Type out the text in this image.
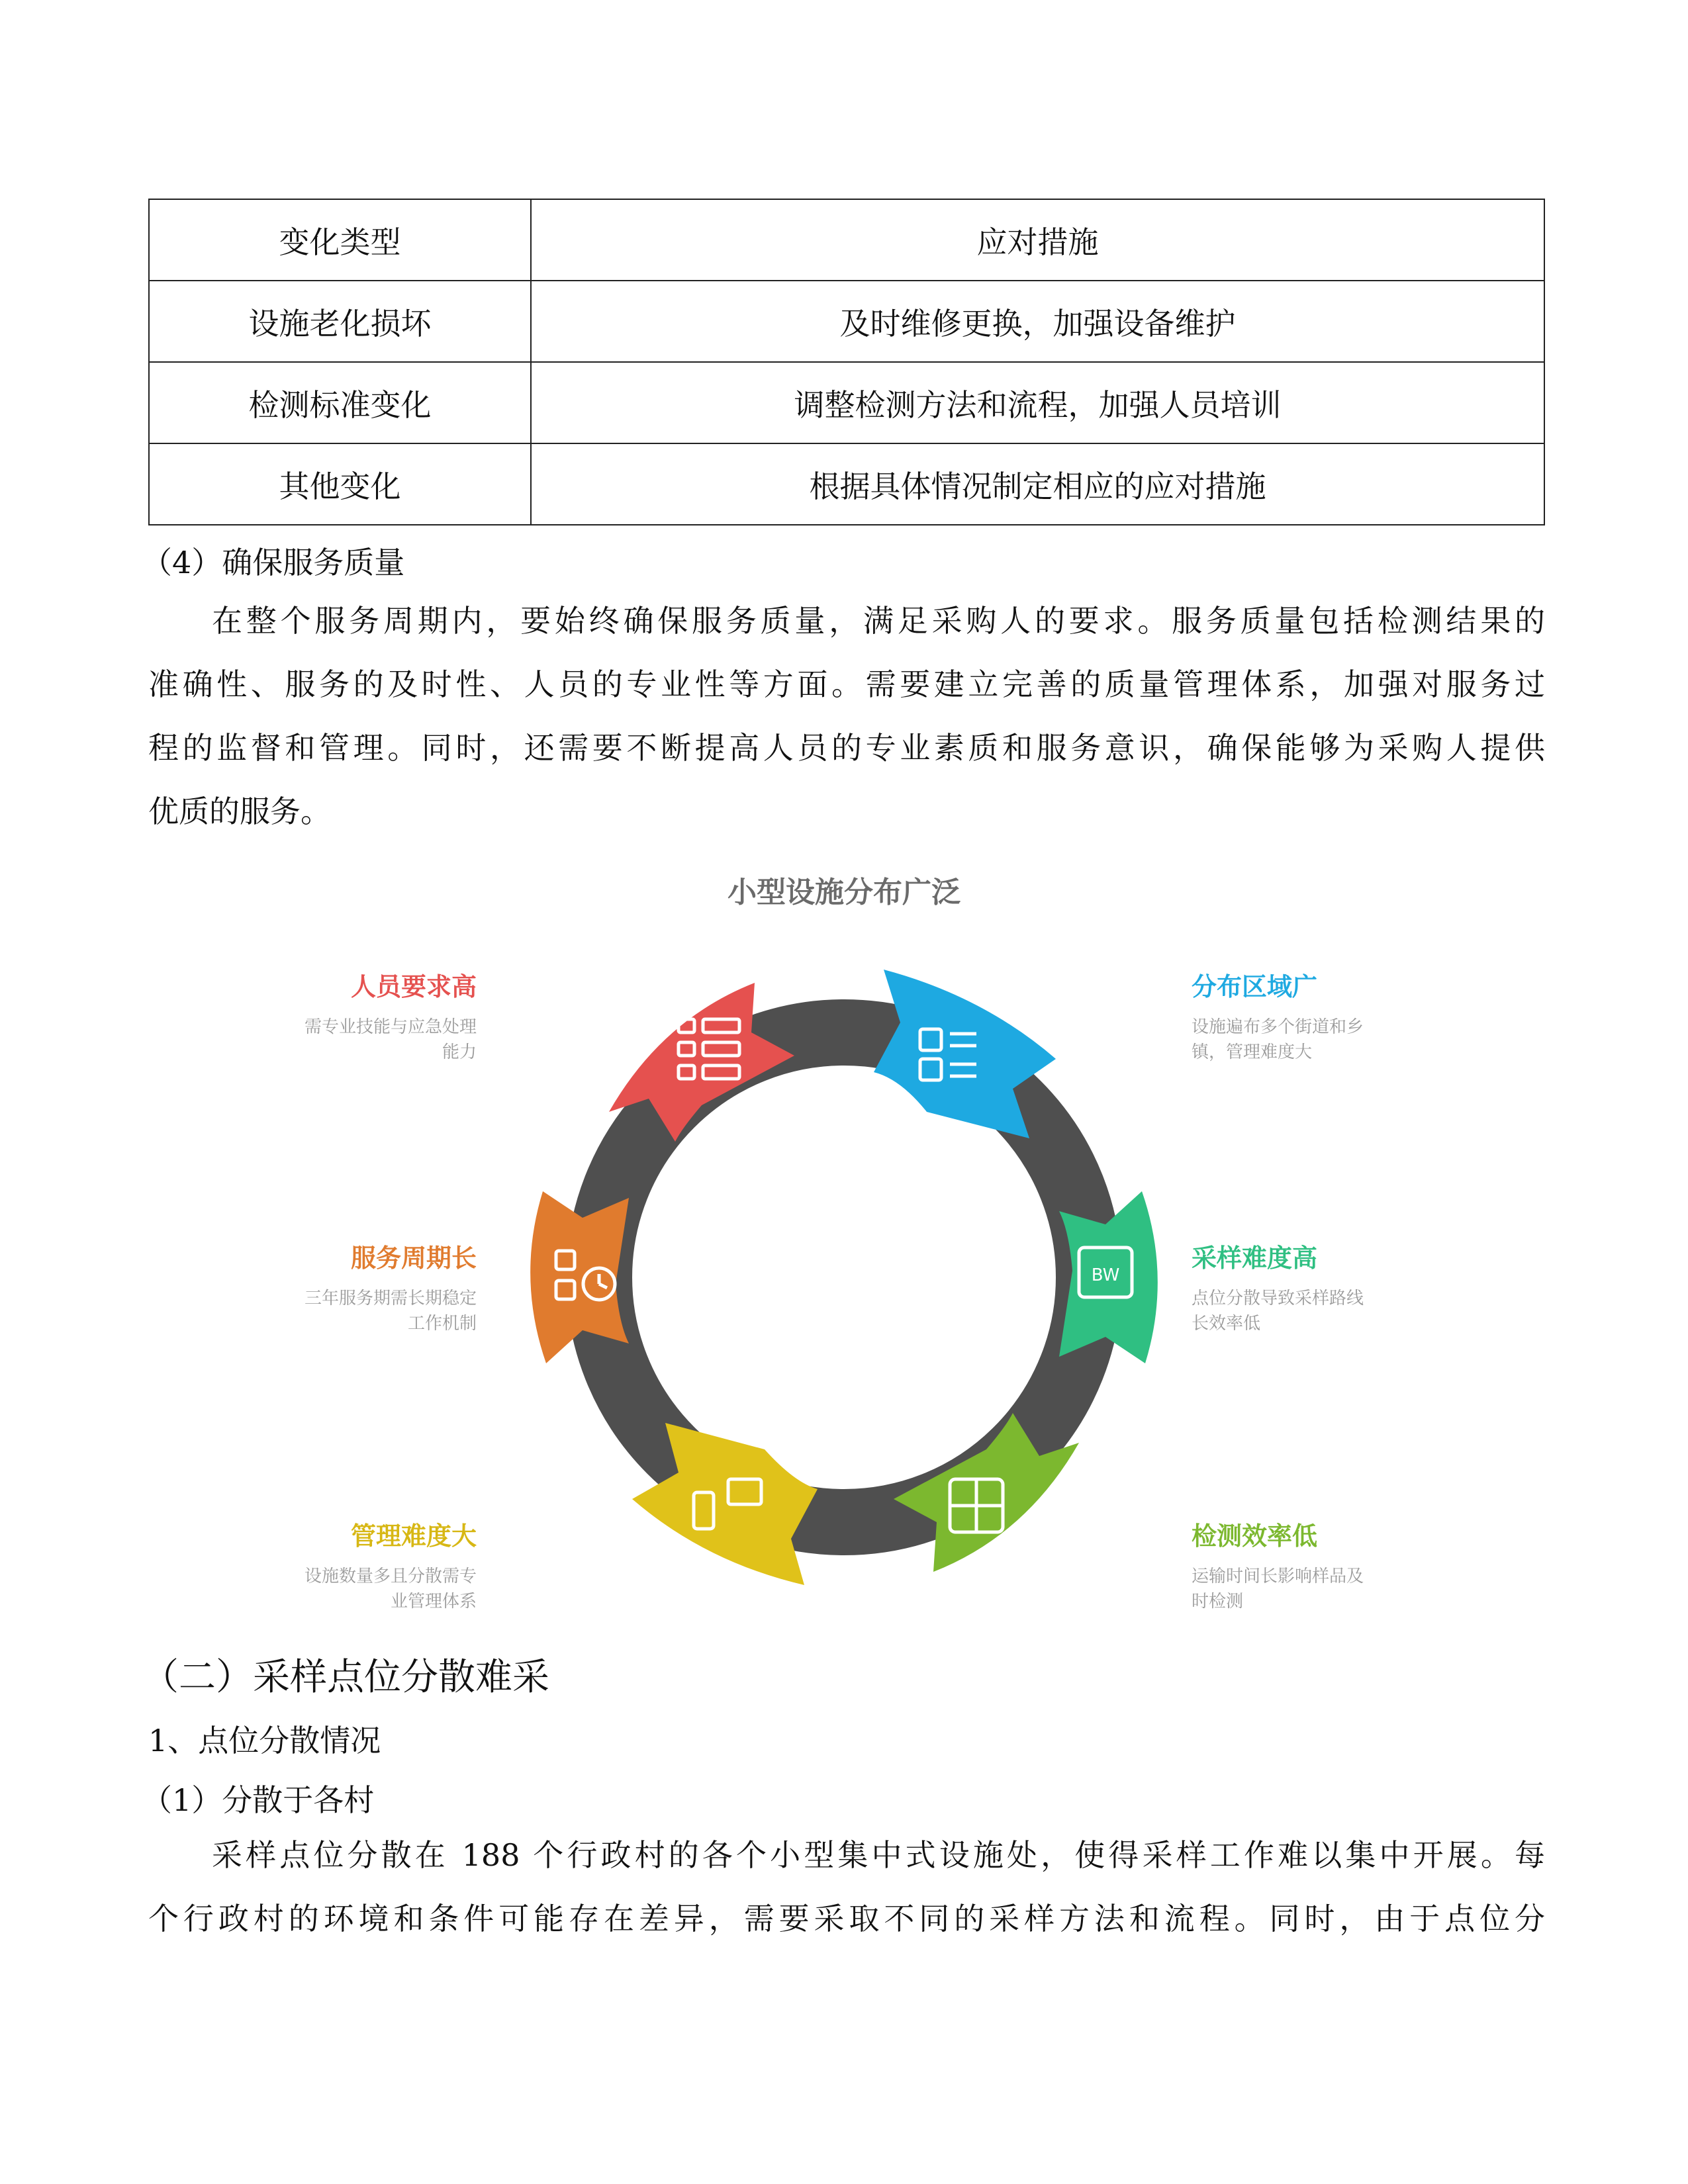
变化类型	应对措施
设施老化损坏	及时维修更换，加强设备维护
检测标准变化	调整检测方法和流程，加强人员培训
其他变化	根据具体情况制定相应的应对措施

（4）确保服务质量

在整个服务周期内，要始终确保服务质量，满足采购人的要求。服务质量包括检测结果的

准确性、服务的及时性、人员的专业性等方面。需要建立完善的质量管理体系，加强对服务过

程的监督和管理。同时，还需要不断提高人员的专业素质和服务意识，确保能够为采购人提供

优质的服务。

小型设施分布广泛
BW
人员要求高
需专业技能与应急处理
能力
服务周期长
三年服务期需长期稳定
工作机制
管理难度大
设施数量多且分散需专
业管理体系
分布区域广
设施遍布多个街道和乡
镇，管理难度大
采样难度高
点位分散导致采样路线
长效率低
检测效率低
运输时间长影响样品及
时检测

（二）采样点位分散难采

1、点位分散情况

（1）分散于各村

采样点位分散在 188 个行政村的各个小型集中式设施处，使得采样工作难以集中开展。每

个行政村的环境和条件可能存在差异，需要采取不同的采样方法和流程。同时，由于点位分
